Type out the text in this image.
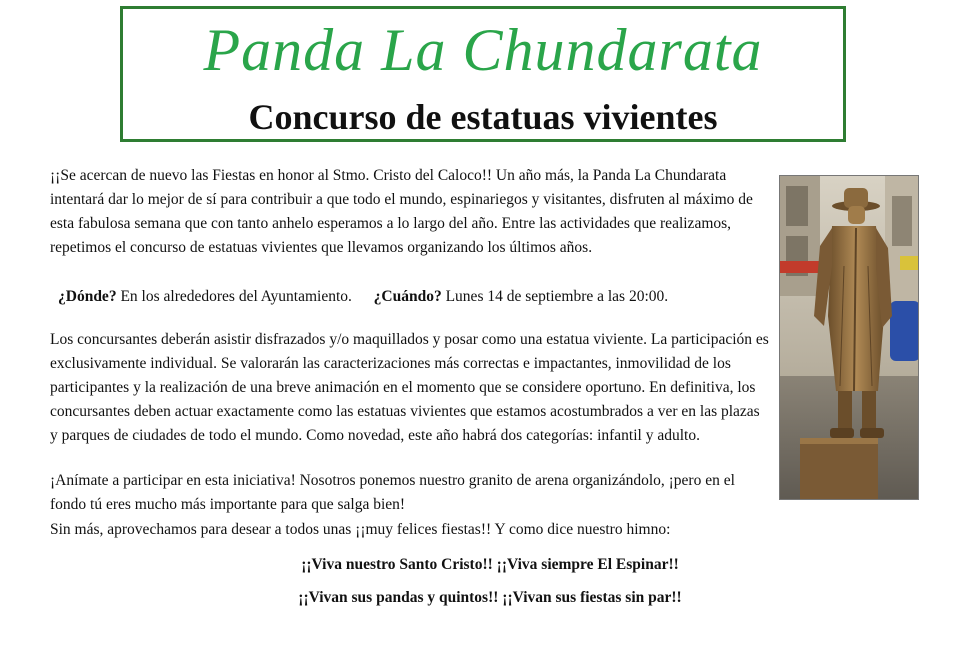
Panda La Chundarata
Concurso de estatuas vivientes
¡¡Se acercan de nuevo las Fiestas en honor al Stmo. Cristo del Caloco!! Un año más, la Panda La Chundarata intentará dar lo mejor de sí para contribuir a que todo el mundo, espinariegos y visitantes, disfruten al máximo de esta fabulosa semana que con tanto anhelo esperamos a lo largo del año. Entre las actividades que realizamos, repetimos el concurso de estatuas vivientes que llevamos organizando los últimos años.
¿Dónde? En los alrededores del Ayuntamiento. ¿Cuándo? Lunes 14 de septiembre a las 20:00.
Los concursantes deberán asistir disfrazados y/o maquillados y posar como una estatua viviente. La participación es exclusivamente individual. Se valorarán las caracterizaciones más correctas e impactantes, inmovilidad de los participantes y la realización de una breve animación en el momento que se considere oportuno. En definitiva, los concursantes deben actuar exactamente como las estatuas vivientes que estamos acostumbrados a ver en las plazas y parques de ciudades de todo el mundo. Como novedad, este año habrá dos categorías: infantil y adulto.
¡Anímate a participar en esta iniciativa! Nosotros ponemos nuestro granito de arena organizándolo, ¡pero en el fondo tú eres mucho más importante para que salga bien!
Sin más, aprovechamos para desear a todos unas ¡¡muy felices fiestas!! Y como dice nuestro himno:
¡¡Viva nuestro Santo Cristo!! ¡¡Viva siempre El Espinar!!
¡¡Vivan sus pandas y quintos!! ¡¡Vivan sus fiestas sin par!!
